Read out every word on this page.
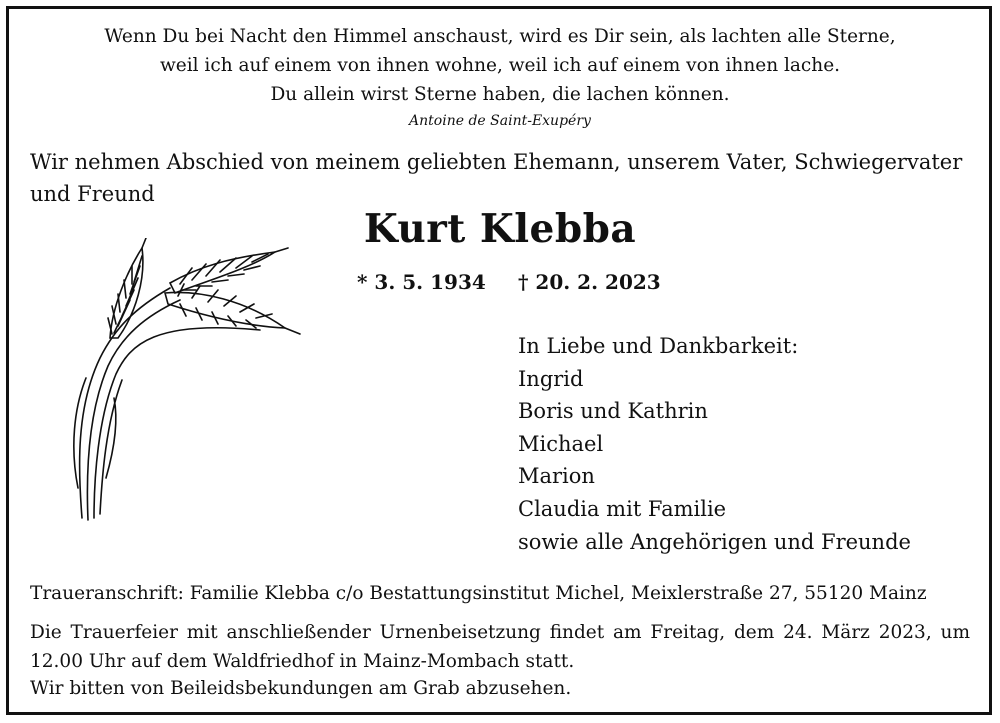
Wenn Du bei Nacht den Himmel anschaust, wird es Dir sein, als lachten alle Sterne,
weil ich auf einem von ihnen wohne, weil ich auf einem von ihnen lache.
Du allein wirst Sterne haben, die lachen können.
Antoine de Saint-Exupéry
Wir nehmen Abschied von meinem geliebten Ehemann, unserem Vater, Schwiegervater und Freund
Kurt Klebba
* 3. 5. 1934 † 20. 2. 2023
In Liebe und Dankbarkeit:
Ingrid
Boris und Kathrin
Michael
Marion
Claudia mit Familie
sowie alle Angehörigen und Freunde
Traueranschrift: Familie Klebba c/o Bestattungsinstitut Michel, Meixlerstraße 27, 55120 Mainz
Die Trauerfeier mit anschließender Urnenbeisetzung findet am Freitag, dem 24. März 2023, um 12.00 Uhr auf dem Waldfriedhof in Mainz-Mombach statt.
Wir bitten von Beileidsbekundungen am Grab abzusehen.
